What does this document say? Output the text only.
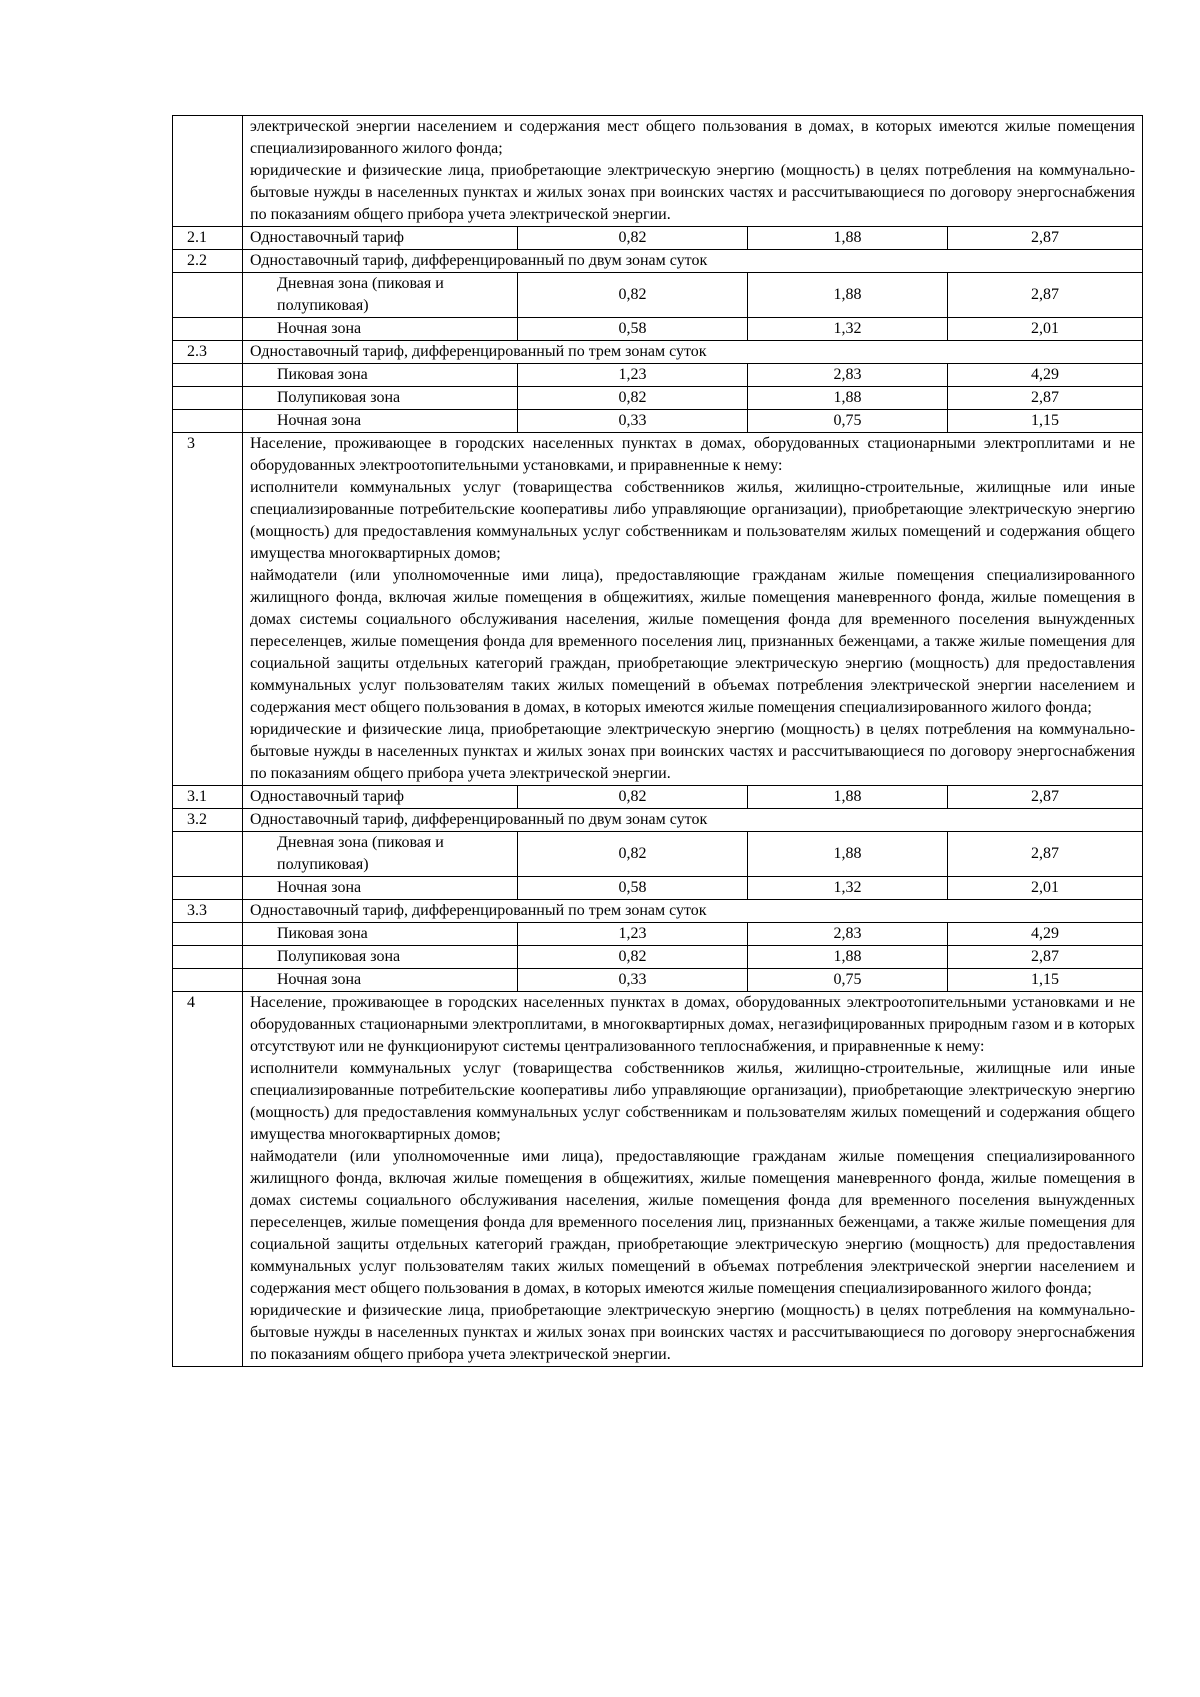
	электрической энергии населением и содержания мест общего пользования в домах, в которых имеются жилые помещения специализированного жилого фонда;

юридические и физические лица, приобретающие электрическую энергию (мощность) в целях потребления на коммунально-бытовые нужды в населенных пунктах и жилых зонах при воинских частях и рассчитывающиеся по договору энергоснабжения по показаниям общего прибора учета электрической энергии.			

2.1	Одноставочный тариф	0,82	1,88	2,87
2.2	Одноставочный тариф, дифференцированный по двум зонам суток			
	Дневная зона (пиковая и полупиковая)	0,82	1,88	2,87
	Ночная зона	0,58	1,32	2,01
2.3	Одноставочный тариф, дифференцированный по трем зонам суток			
	Пиковая зона	1,23	2,83	4,29
	Полупиковая зона	0,82	1,88	2,87
	Ночная зона	0,33	0,75	1,15
3	Население, проживающее в городских населенных пунктах в домах, оборудованных стационарными электроплитами и не оборудованных электроотопительными установками, и приравненные к нему:

исполнители коммунальных услуг (товарищества собственников жилья, жилищно-строительные, жилищные или иные специализированные потребительские кооперативы либо управляющие организации), приобретающие электрическую энергию (мощность) для предоставления коммунальных услуг собственникам и пользователям жилых помещений и содержания общего имущества многоквартирных домов;

наймодатели (или уполномоченные ими лица), предоставляющие гражданам жилые помещения специализированного жилищного фонда, включая жилые помещения в общежитиях, жилые помещения маневренного фонда, жилые помещения в домах системы социального обслуживания населения, жилые помещения фонда для временного поселения вынужденных переселенцев, жилые помещения фонда для временного поселения лиц, признанных беженцами, а также жилые помещения для социальной защиты отдельных категорий граждан, приобретающие электрическую энергию (мощность) для предоставления коммунальных услуг пользователям таких жилых помещений в объемах потребления электрической энергии населением и содержания мест общего пользования в домах, в которых имеются жилые помещения специализированного жилого фонда;

юридические и физические лица, приобретающие электрическую энергию (мощность) в целях потребления на коммунально-бытовые нужды в населенных пунктах и жилых зонах при воинских частях и рассчитывающиеся по договору энергоснабжения по показаниям общего прибора учета электрической энергии.			

3.1	Одноставочный тариф	0,82	1,88	2,87
3.2	Одноставочный тариф, дифференцированный по двум зонам суток			
	Дневная зона (пиковая и полупиковая)	0,82	1,88	2,87
	Ночная зона	0,58	1,32	2,01
3.3	Одноставочный тариф, дифференцированный по трем зонам суток			
	Пиковая зона	1,23	2,83	4,29
	Полупиковая зона	0,82	1,88	2,87
	Ночная зона	0,33	0,75	1,15
4	Население, проживающее в городских населенных пунктах в домах, оборудованных электроотопительными установками и не оборудованных стационарными электроплитами, в многоквартирных домах, негазифицированных природным газом и в которых отсутствуют или не функционируют системы централизованного теплоснабжения, и приравненные к нему:

исполнители коммунальных услуг (товарищества собственников жилья, жилищно-строительные, жилищные или иные специализированные потребительские кооперативы либо управляющие организации), приобретающие электрическую энергию (мощность) для предоставления коммунальных услуг собственникам и пользователям жилых помещений и содержания общего имущества многоквартирных домов;

наймодатели (или уполномоченные ими лица), предоставляющие гражданам жилые помещения специализированного жилищного фонда, включая жилые помещения в общежитиях, жилые помещения маневренного фонда, жилые помещения в домах системы социального обслуживания населения, жилые помещения фонда для временного поселения вынужденных переселенцев, жилые помещения фонда для временного поселения лиц, признанных беженцами, а также жилые помещения для социальной защиты отдельных категорий граждан, приобретающие электрическую энергию (мощность) для предоставления коммунальных услуг пользователям таких жилых помещений в объемах потребления электрической энергии населением и содержания мест общего пользования в домах, в которых имеются жилые помещения специализированного жилого фонда;

юридические и физические лица, приобретающие электрическую энергию (мощность) в целях потребления на коммунально-бытовые нужды в населенных пунктах и жилых зонах при воинских частях и рассчитывающиеся по договору энергоснабжения по показаниям общего прибора учета электрической энергии.			
